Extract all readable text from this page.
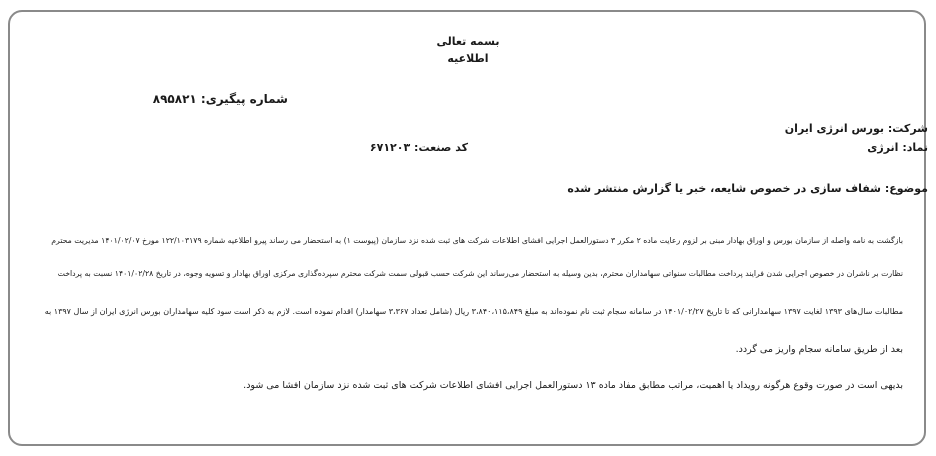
بسمه تعالی
اطلاعیه
شماره پیگیری: ۸۹۵۸۲۱
شرکت: بورس انرژی ایران
نماد: انرژی
کد صنعت: ۶۷۱۲۰۳
موضوع: شفاف سازی در خصوص شایعه، خبر یا گزارش منتشر شده
بازگشت به نامه واصله از سازمان بورس و اوراق بهادار مبنی بر لزوم رعایت ماده ۲ مکرر ۳ دستورالعمل اجرایی افشای اطلاعات شرکت های ثبت شده نزد سازمان (پیوست ۱) به استحضار می رساند پیرو اطلاعیه شماره ۱۲۲/۱۰۳۱۷۹ مورخ ۱۴۰۱/۰۲/۰۷ مدیریت محترم
نظارت بر ناشران در خصوص اجرایی شدن فرایند پرداخت مطالبات سنواتی سهامداران محترم، بدین وسیله به استحضار می‌رساند این شرکت حسب قبولی سمت شرکت محترم سپرده‌گذاری مرکزی اوراق بهادار و تسویه وجوه، در تاریخ ۱۴۰۱/۰۲/۲۸ نسبت به پرداخت
مطالبات سال‌های ۱۳۹۳ لغایت ۱۳۹۷ سهامدارانی که تا تاریخ ۱۴۰۱/۰۲/۲۷ در سامانه سجام ثبت نام نموده‌اند به مبلغ ۳،۸۴۰،۱۱۵،۸۴۹ ریال (شامل تعداد ۳،۳۶۷ سهامدار) اقدام نموده است. لازم به ذکر است سود کلیه سهامداران بورس انرژی ایران از سال ۱۳۹۷ به
بعد از طریق سامانه سجام واریز می گردد.
بدیهی است در صورت وقوع هرگونه رویداد یا اهمیت، مراتب مطابق مفاد ماده ۱۳ دستورالعمل اجرایی افشای اطلاعات شرکت های ثبت شده نزد سازمان افشا می شود.
